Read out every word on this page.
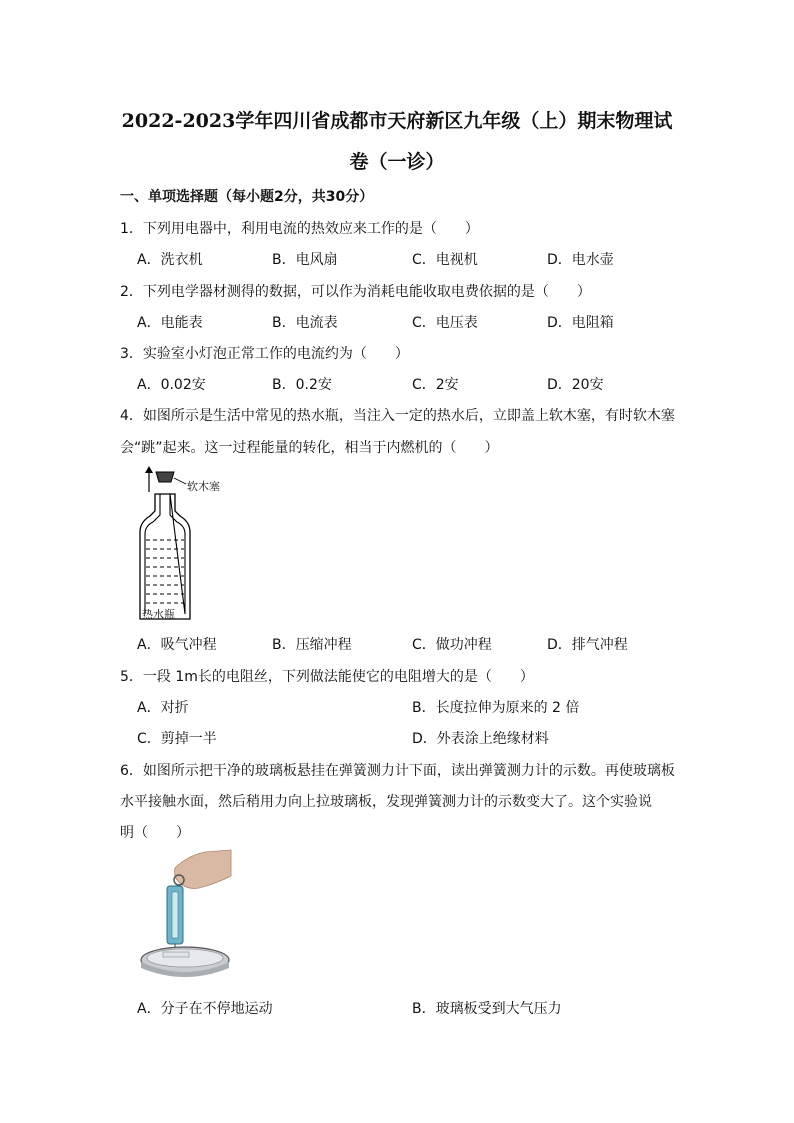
2022-2023学年四川省成都市天府新区九年级（上）期末物理试
卷（一诊）
一、单项选择题（每小题2分，共30分）
1．下列用电器中，利用电流的热效应来工作的是（　　）
A．洗衣机	B．电风扇	C．电视机	D．电水壶
2．下列电学器材测得的数据，可以作为消耗电能收取电费依据的是（　　）
A．电能表	B．电流表	C．电压表	D．电阻箱
3．实验室小灯泡正常工作的电流约为（　　）
A．0.02安	B．0.2安	C．2安	D．20安
4．如图所示是生活中常见的热水瓶，当注入一定的热水后，立即盖上软木塞，有时软木塞
会“跳”起来。这一过程能量的转化，相当于内燃机的（　　）
软木塞
热水瓶
A．吸气冲程	B．压缩冲程	C．做功冲程	D．排气冲程
5．一段 1m长的电阻丝，下列做法能使它的电阻增大的是（　　）
A．对折	B．长度拉伸为原来的 2 倍
C．剪掉一半	D．外表涂上绝缘材料
6．如图所示把干净的玻璃板悬挂在弹簧测力计下面，读出弹簧测力计的示数。再使玻璃板
水平接触水面，然后稍用力向上拉玻璃板，发现弹簧测力计的示数变大了。这个实验说
明（　　）
A．分子在不停地运动	B．玻璃板受到大气压力
